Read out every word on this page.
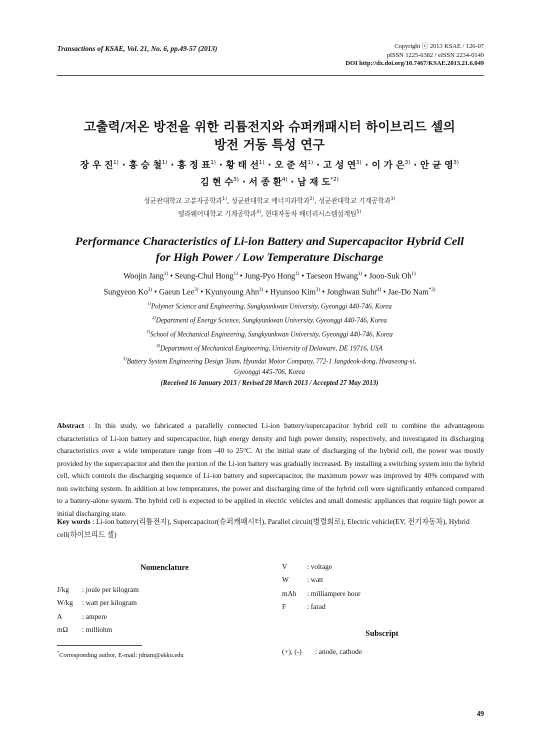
Transactions of KSAE, Vol. 21, No. 6, pp.49-57 (2013)	Copyright ⓒ 2013 KSAE / 126-07
pISSN 1225-6382 / eISSN 2234-0149
DOI http://dx.doi.org/10.7467/KSAE.2013.21.6.049
고출력/저온 방전을 위한 리튬전지와 슈퍼캐패시터 하이브리드 셀의
방전 거동 특성 연구
장 우 진$^{1)}$ · 홍 승 철$^{1)}$ · 홍 정 표$^{1)}$ · 황 태 선$^{1)}$ · 오 준 석$^{1)}$ · 고 성 연$^{3)}$ · 이 가 은$^{3)}$ · 안 균 영$^{3)}$
김 현 수$^{3)}$ · 서 종 환$^{4)}$ · 남 재 도$^{*2)}$
성균관대학교 고분자공학과$^{1)}$, 성균관대학교 에너지과학과$^{2)}$, 성균관대학교 기계공학과$^{3)}$
델라웨어대학교 기계공학과$^{4)}$, 현대자동차 배터리시스템설계팀$^{5)}$
Performance Characteristics of Li-ion Battery and Supercapacitor Hybrid Cell
for High Power / Low Temperature Discharge
Woojin Jang$^{1)}$ • Seung-Chul Hong$^{1)}$ • Jung-Pyo Hong$^{1)}$ • Taeseon Hwang$^{1)}$ • Joon-Suk Oh$^{1)}$
Sungyeon Ko$^{3)}$ • Gaeun Lee$^{3)}$ • Kyunyoung Ahn$^{3)}$ • Hyunsoo Kim$^{3)}$ • Jonghwan Suhr$^{4)}$ • Jae-Do Nam$^{*2)}$
$^{1)}$Polymer Science and Engineering, Sungkyunkwan University, Gyeonggi 440-746, Korea
$^{2)}$Department of Energy Science, Sungkyunkwan University, Gyeonggi 440-746, Korea
$^{3)}$School of Mechanical Engineering, Sungkyunkwan University, Gyeonggi 440-746, Korea
$^{4)}$Department of Mechanical Engineering, University of Delaware, DE 19716, USA
$^{5)}$Battery System Engineering Design Team, Hyundai Motor Company, 772-1 Jangdeok-dong, Hwaseong-si,
Gyeonggi 445-706, Korea
(Received 16 January 2013 / Revised 28 March 2013 / Accepted 27 May 2013)
Abstract : In this study, we fabricated a parallelly connected Li-ion battery/supercapacitor hybrid cell to combine the advantageous characteristics of Li-ion battery and supercapacitor, high energy density and high power density, respectively, and investigated its discharging characteristics over a wide temperature range from -40 to 25°C. At the initial state of discharging of the hybrid cell, the power was mostly provided by the supercapacitor and then the portion of the Li-ion battery was gradually increased. By installing a switching system into the hybrid cell, which controls the discharging sequence of Li-ion battery and supercapacitor, the maximum power was improved by 40% compared with non switching system. In addition at low temperatures, the power and discharging time of the hybrid cell were significantly enhanced compared to a battery-alone system. The hybrid cell is expected to be applied in electric vehicles and small domestic appliances that require high power at initial discharging state.
Key words : Li-ion battery(리튬전지), Supercapacitor(슈퍼캐패시터), Parallel circuit(병렬회로), Electric vehicle(EV, 전기자동차), Hybrid cell(하이브리드 셀)
Nomenclature
J/kg	: joule per kilogram
W/kg	: watt per kilogram
A	: ampere
mΩ	: milliohm
V	: voltage
W	: watt
mAh	: milliampere hour
F	: farad
*Corresponding author, E-mail: jdnam@skku.edu
Subscript
(+), (-)	: anode, cathode
49
